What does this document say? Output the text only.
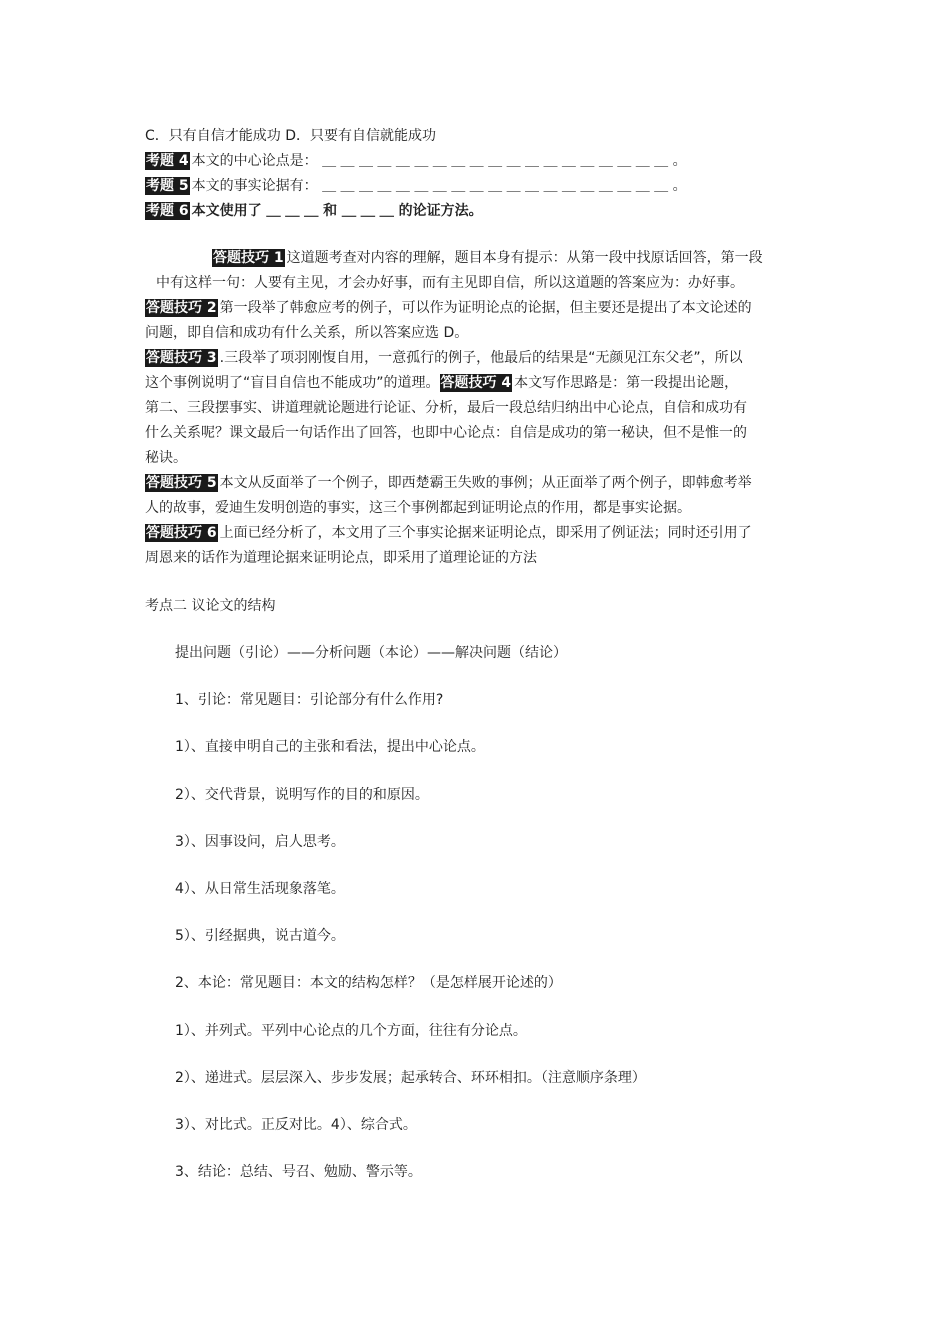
C．只有自信才能成功 D．只要有自信就能成功
考题 4 本文的中心论点是： ＿ ＿ ＿ ＿ ＿ ＿ ＿ ＿ ＿ ＿ ＿ ＿ ＿ ＿ ＿ ＿ ＿ ＿ ＿ 。
考题 5 本文的事实论据有： ＿ ＿ ＿ ＿ ＿ ＿ ＿ ＿ ＿ ＿ ＿ ＿ ＿ ＿ ＿ ＿ ＿ ＿ ＿ 。
考题 6 本文使用了 ＿ ＿ ＿ 和 ＿ ＿ ＿ 的论证方法。
答题技巧 1 这道题考查对内容的理解，题目本身有提示：从第一段中找原话回答，第一段
中有这样一句：人要有主见，才会办好事，而有主见即自信，所以这道题的答案应为：办好事。
答题技巧 2 第一段举了韩愈应考的例子，可以作为证明论点的论据，但主要还是提出了本文论述的
问题，即自信和成功有什么关系，所以答案应选 D。
答题技巧 3 .三段举了项羽刚愎自用，一意孤行的例子，他最后的结果是“无颜见江东父老”，所以
这个事例说明了“盲目自信也不能成功”的道理。答题技巧 4 本文写作思路是：第一段提出论题，
第二、三段摆事实、讲道理就论题进行论证、分析，最后一段总结归纳出中心论点，自信和成功有
什么关系呢？课文最后一句话作出了回答，也即中心论点：自信是成功的第一秘诀，但不是惟一的
秘诀。
答题技巧 5 本文从反面举了一个例子，即西楚霸王失败的事例；从正面举了两个例子，即韩愈考举
人的故事，爱迪生发明创造的事实，这三个事例都起到证明论点的作用，都是事实论据。
答题技巧 6 上面已经分析了，本文用了三个事实论据来证明论点，即采用了例证法；同时还引用了
周恩来的话作为道理论据来证明论点，即采用了道理论证的方法
考点二 议论文的结构
提出问题（引论）——分析问题（本论）——解决问题（结论）
1、引论：常见题目：引论部分有什么作用?
1）、直接申明自己的主张和看法，提出中心论点。
2）、交代背景，说明写作的目的和原因。
3）、因事设问，启人思考。
4）、从日常生活现象落笔。
5）、引经据典，说古道今。
2、本论：常见题目：本文的结构怎样？（是怎样展开论述的）
1）、并列式。平列中心论点的几个方面，往往有分论点。
2）、递进式。层层深入、步步发展；起承转合、环环相扣。（注意顺序条理）
3）、对比式。正反对比。4）、综合式。
3、结论：总结、号召、勉励、警示等。
